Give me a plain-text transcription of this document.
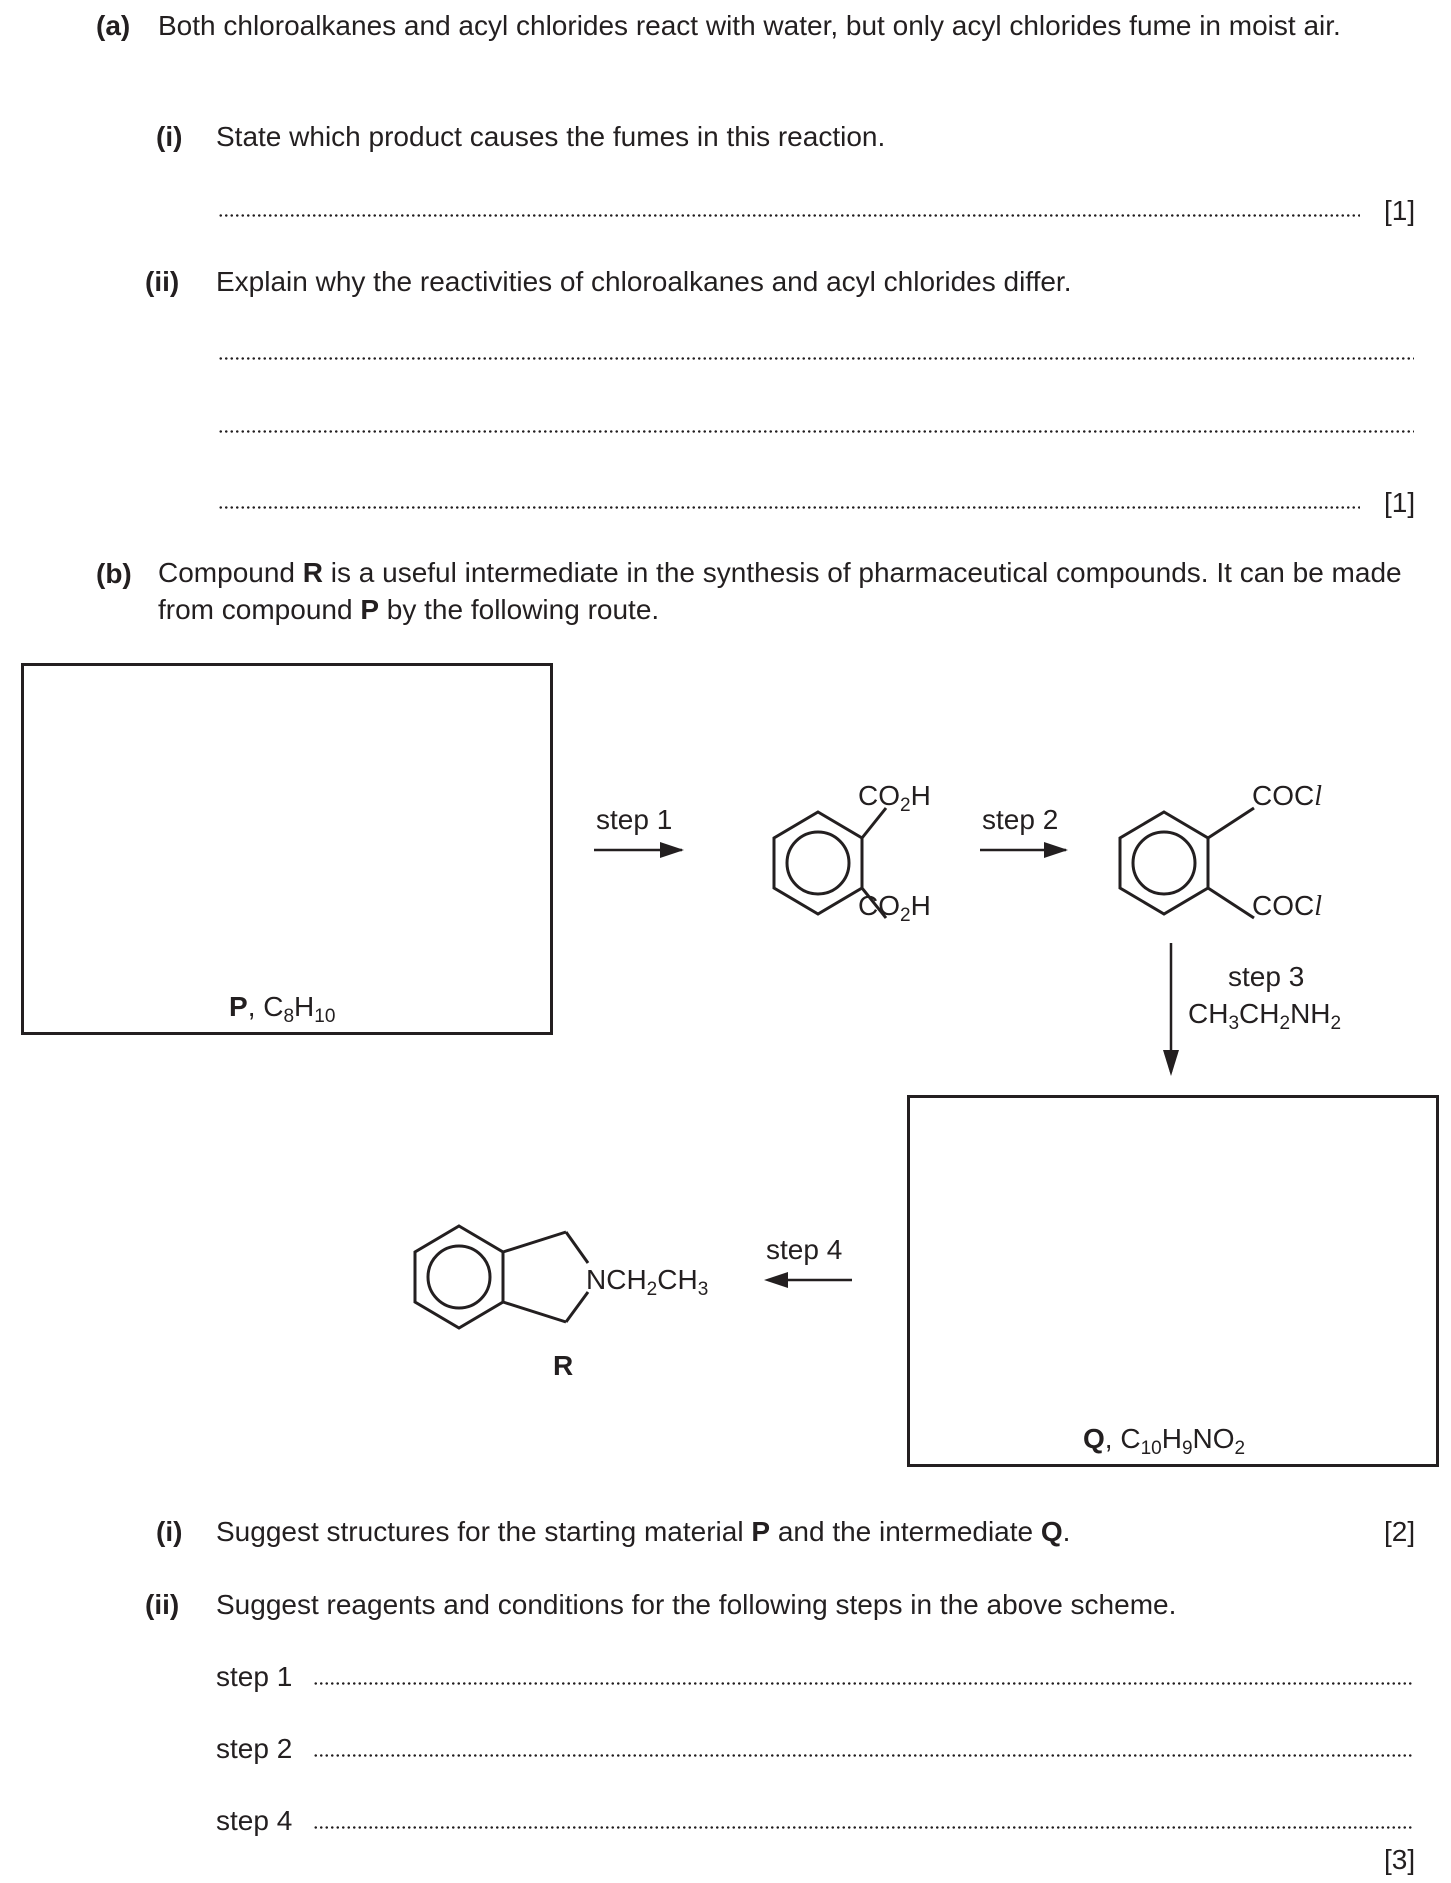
(a) Both chloroalkanes and acyl chlorides react with water, but only acyl chlorides fume in moist air.
(i) State which product causes the fumes in this reaction.
[1]
(ii) Explain why the reactivities of chloroalkanes and acyl chlorides differ.
[1]
(b) Compound R is a useful intermediate in the synthesis of pharmaceutical compounds. It can be made from compound P by the following route.
P, $C_8H_{10}$
Q, $C_{10}H_9NO_2$
step 1	step 2
step 3
$CH_3CH_2NH_2$
step 4
$CO_2H$
$CO_2H$
COCl
COCl
$NCH_2CH_3$
R
(i) Suggest structures for the starting material P and the intermediate Q.	[2]
(ii) Suggest reagents and conditions for the following steps in the above scheme.
step 1
step 2
step 4
[3]
